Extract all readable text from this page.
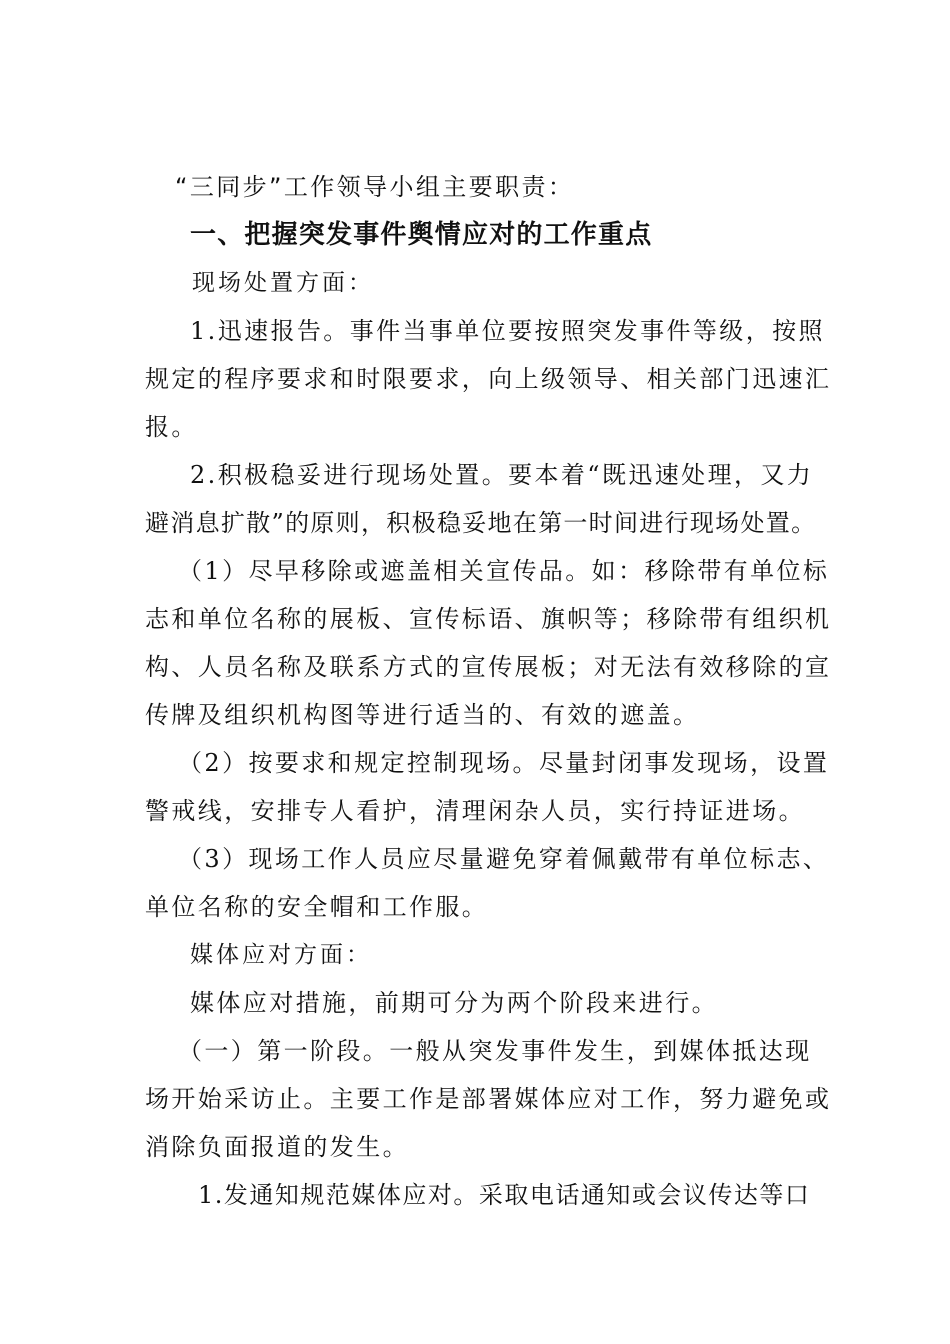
“三同步”工作领导小组主要职责：
一、把握突发事件舆情应对的工作重点
现场处置方面：
1.迅速报告。事件当事单位要按照突发事件等级，按照
规定的程序要求和时限要求，向上级领导、相关部门迅速汇
报。
2.积极稳妥进行现场处置。要本着“既迅速处理，又力
避消息扩散”的原则，积极稳妥地在第一时间进行现场处置。
（1）尽早移除或遮盖相关宣传品。如：移除带有单位标
志和单位名称的展板、宣传标语、旗帜等；移除带有组织机
构、人员名称及联系方式的宣传展板；对无法有效移除的宣
传牌及组织机构图等进行适当的、有效的遮盖。
（2）按要求和规定控制现场。尽量封闭事发现场，设置
警戒线，安排专人看护，清理闲杂人员，实行持证进场。
（3）现场工作人员应尽量避免穿着佩戴带有单位标志、
单位名称的安全帽和工作服。
媒体应对方面：
媒体应对措施，前期可分为两个阶段来进行。
（一）第一阶段。一般从突发事件发生，到媒体抵达现
场开始采访止。主要工作是部署媒体应对工作，努力避免或
消除负面报道的发生。
1.发通知规范媒体应对。采取电话通知或会议传达等口
